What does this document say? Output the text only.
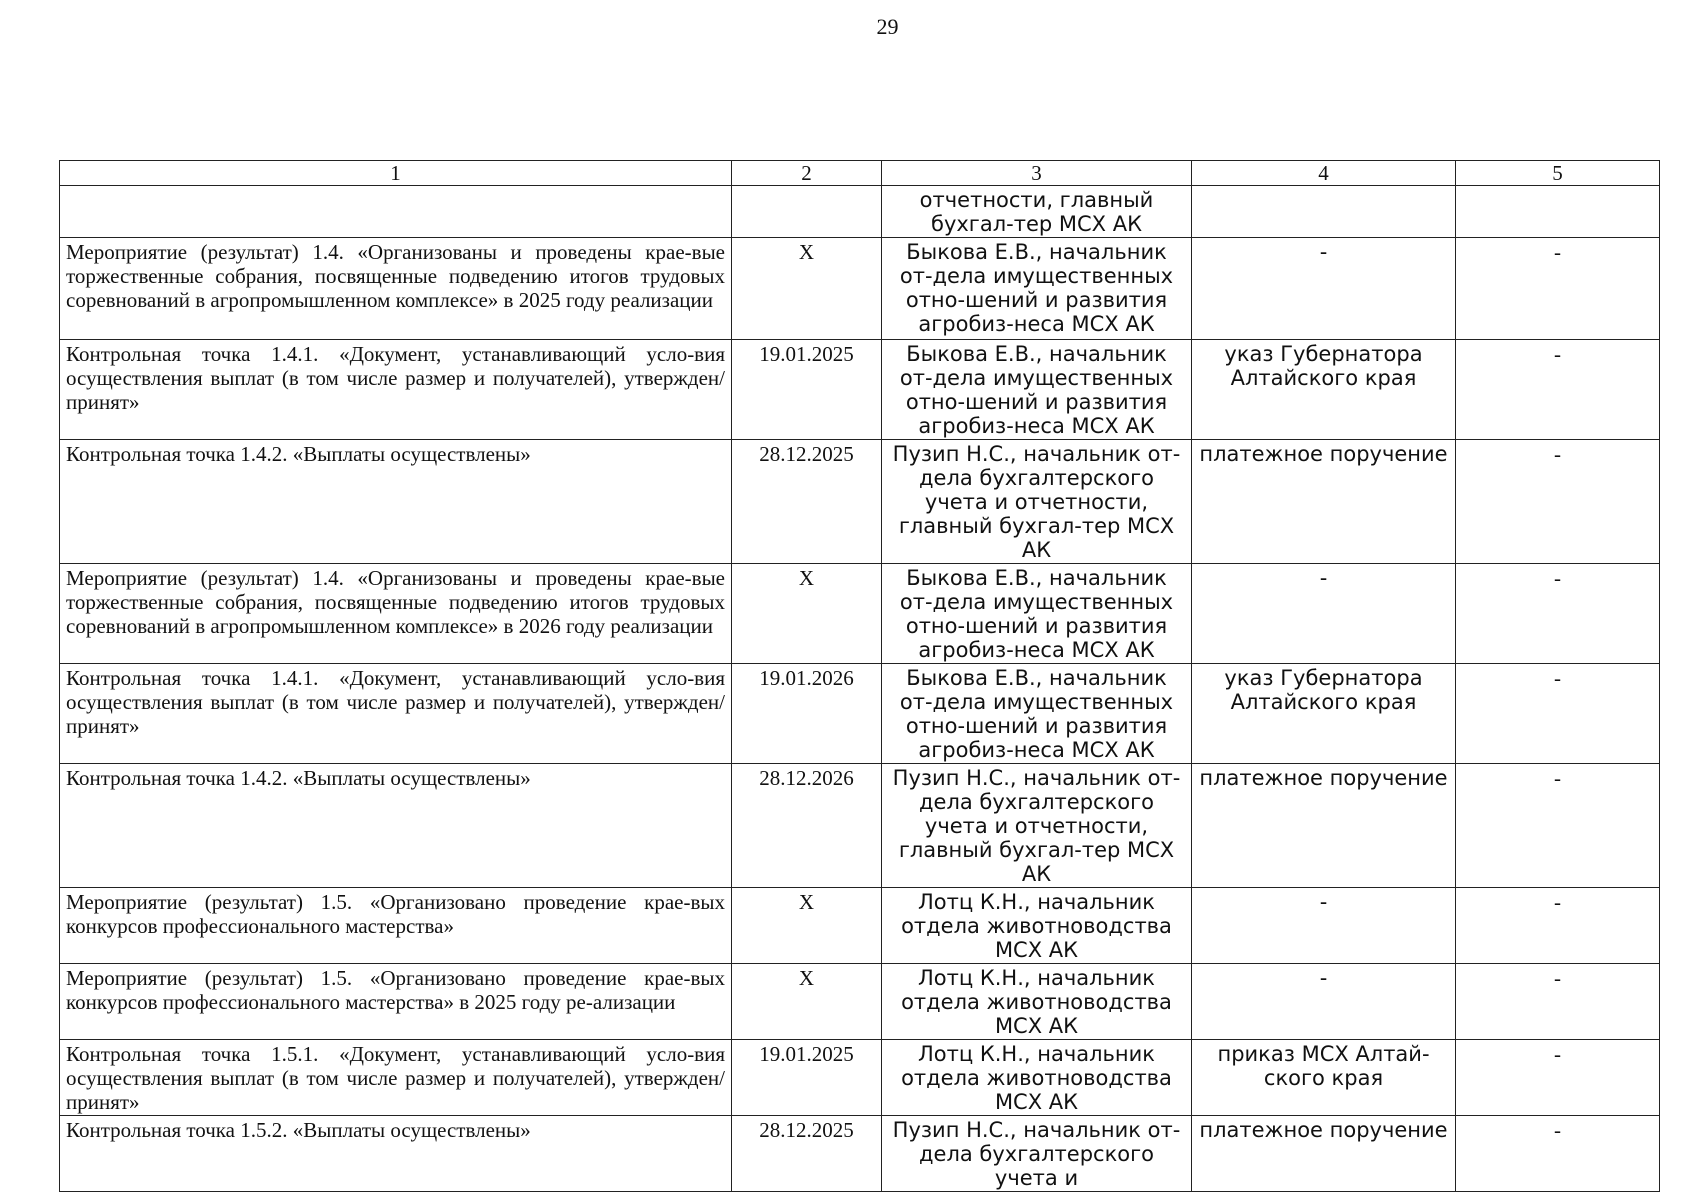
29
1	2	3	4	5
		отчетности, главный бухгал-тер МСХ АК		
Мероприятие (результат) 1.4. «Организованы и проведены крае-вые торжественные собрания, посвященные подведению итогов трудовых соревнований в агропромышленном комплексе» в 2025 году реализации	X	Быкова Е.В., начальник от-дела имущественных отно-шений и развития агробиз-неса МСХ АК	-	-
Контрольная точка 1.4.1. «Документ, устанавливающий усло-вия осуществления выплат (в том числе размер и получателей), утвержден/принят»	19.01.2025	Быкова Е.В., начальник от-дела имущественных отно-шений и развития агробиз-неса МСХ АК	указ Губернатора Алтайского края	-
Контрольная точка 1.4.2. «Выплаты осуществлены»	28.12.2025	Пузип Н.С., начальник от-дела бухгалтерского учета и отчетности, главный бухгал-тер МСХ АК	платежное поручение	-
Мероприятие (результат) 1.4. «Организованы и проведены крае-вые торжественные собрания, посвященные подведению итогов трудовых соревнований в агропромышленном комплексе» в 2026 году реализации	X	Быкова Е.В., начальник от-дела имущественных отно-шений и развития агробиз-неса МСХ АК	-	-
Контрольная точка 1.4.1. «Документ, устанавливающий усло-вия осуществления выплат (в том числе размер и получателей), утвержден/принят»	19.01.2026	Быкова Е.В., начальник от-дела имущественных отно-шений и развития агробиз-неса МСХ АК	указ Губернатора Алтайского края	-
Контрольная точка 1.4.2. «Выплаты осуществлены»	28.12.2026	Пузип Н.С., начальник от-дела бухгалтерского учета и отчетности, главный бухгал-тер МСХ АК	платежное поручение	-
Мероприятие (результат) 1.5. «Организовано проведение крае-вых конкурсов профессионального мастерства»	X	Лотц К.Н., начальник отдела животноводства МСХ АК	-	-
Мероприятие (результат) 1.5. «Организовано проведение крае-вых конкурсов профессионального мастерства» в 2025 году ре-ализации	X	Лотц К.Н., начальник отдела животноводства МСХ АК	-	-
Контрольная точка 1.5.1. «Документ, устанавливающий усло-вия осуществления выплат (в том числе размер и получателей), утвержден/принят»	19.01.2025	Лотц К.Н., начальник отдела животноводства МСХ АК	приказ МСХ Алтай-ского края	-
Контрольная точка 1.5.2. «Выплаты осуществлены»	28.12.2025	Пузип Н.С., начальник от-дела бухгалтерского учета и	платежное поручение	-
